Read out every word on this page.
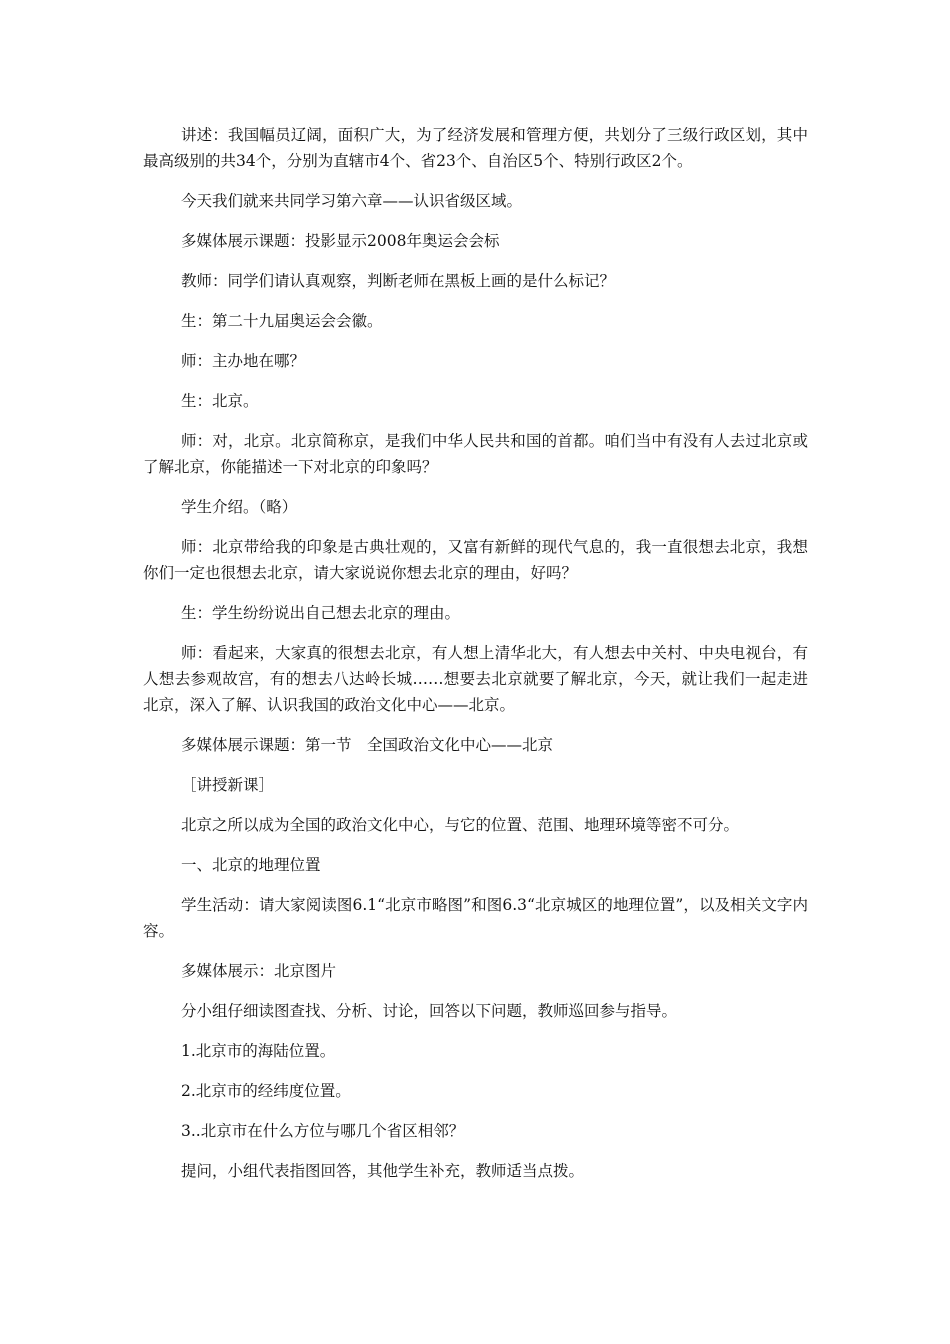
讲述：我国幅员辽阔，面积广大，为了经济发展和管理方便，共划分了三级行政区划，其中最高级别的共34个，分别为直辖市4个、省23个、自治区5个、特别行政区2个。

今天我们就来共同学习第六章——认识省级区域。

多媒体展示课题：投影显示2008年奥运会会标

教师：同学们请认真观察，判断老师在黑板上画的是什么标记？

生：第二十九届奥运会会徽。

师：主办地在哪？

生：北京。

师：对，北京。北京简称京，是我们中华人民共和国的首都。咱们当中有没有人去过北京或了解北京，你能描述一下对北京的印象吗？

学生介绍。（略）

师：北京带给我的印象是古典壮观的，又富有新鲜的现代气息的，我一直很想去北京，我想你们一定也很想去北京，请大家说说你想去北京的理由，好吗？

生：学生纷纷说出自己想去北京的理由。

师：看起来，大家真的很想去北京，有人想上清华北大，有人想去中关村、中央电视台，有人想去参观故宫，有的想去八达岭长城……想要去北京就要了解北京，今天，就让我们一起走进北京，深入了解、认识我国的政治文化中心——北京。

多媒体展示课题：第一节　全国政治文化中心——北京

［讲授新课］

北京之所以成为全国的政治文化中心，与它的位置、范围、地理环境等密不可分。

一、北京的地理位置

学生活动：请大家阅读图6.1“北京市略图”和图6.3“北京城区的地理位置”，以及相关文字内容。

多媒体展示：北京图片

分小组仔细读图查找、分析、讨论，回答以下问题，教师巡回参与指导。

1.北京市的海陆位置。

2.北京市的经纬度位置。

3..北京市在什么方位与哪几个省区相邻？

提问，小组代表指图回答，其他学生补充，教师适当点拨。
